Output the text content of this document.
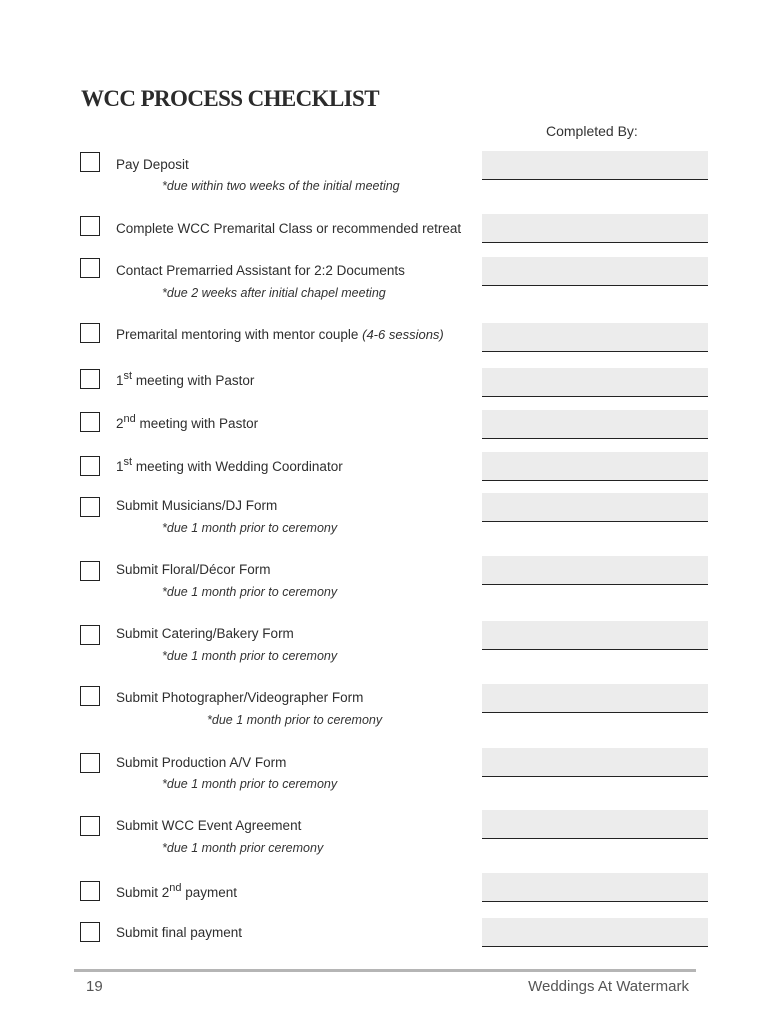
WCC PROCESS CHECKLIST
Completed By:
Pay Deposit
*due within two weeks of the initial meeting
Complete WCC Premarital Class or recommended retreat
Contact Premarried Assistant for 2:2 Documents
*due 2 weeks after initial chapel meeting
Premarital mentoring with mentor couple (4-6 sessions)
1st meeting with Pastor
2nd meeting with Pastor
1st meeting with Wedding Coordinator
Submit Musicians/DJ Form
*due 1 month prior to ceremony
Submit Floral/Décor Form
*due 1 month prior to ceremony
Submit Catering/Bakery Form
*due 1 month prior to ceremony
Submit Photographer/Videographer Form
*due 1 month prior to ceremony
Submit Production A/V Form
*due 1 month prior to ceremony
Submit WCC Event Agreement
*due 1 month prior ceremony
Submit 2nd payment
Submit final payment
19	Weddings At Watermark
